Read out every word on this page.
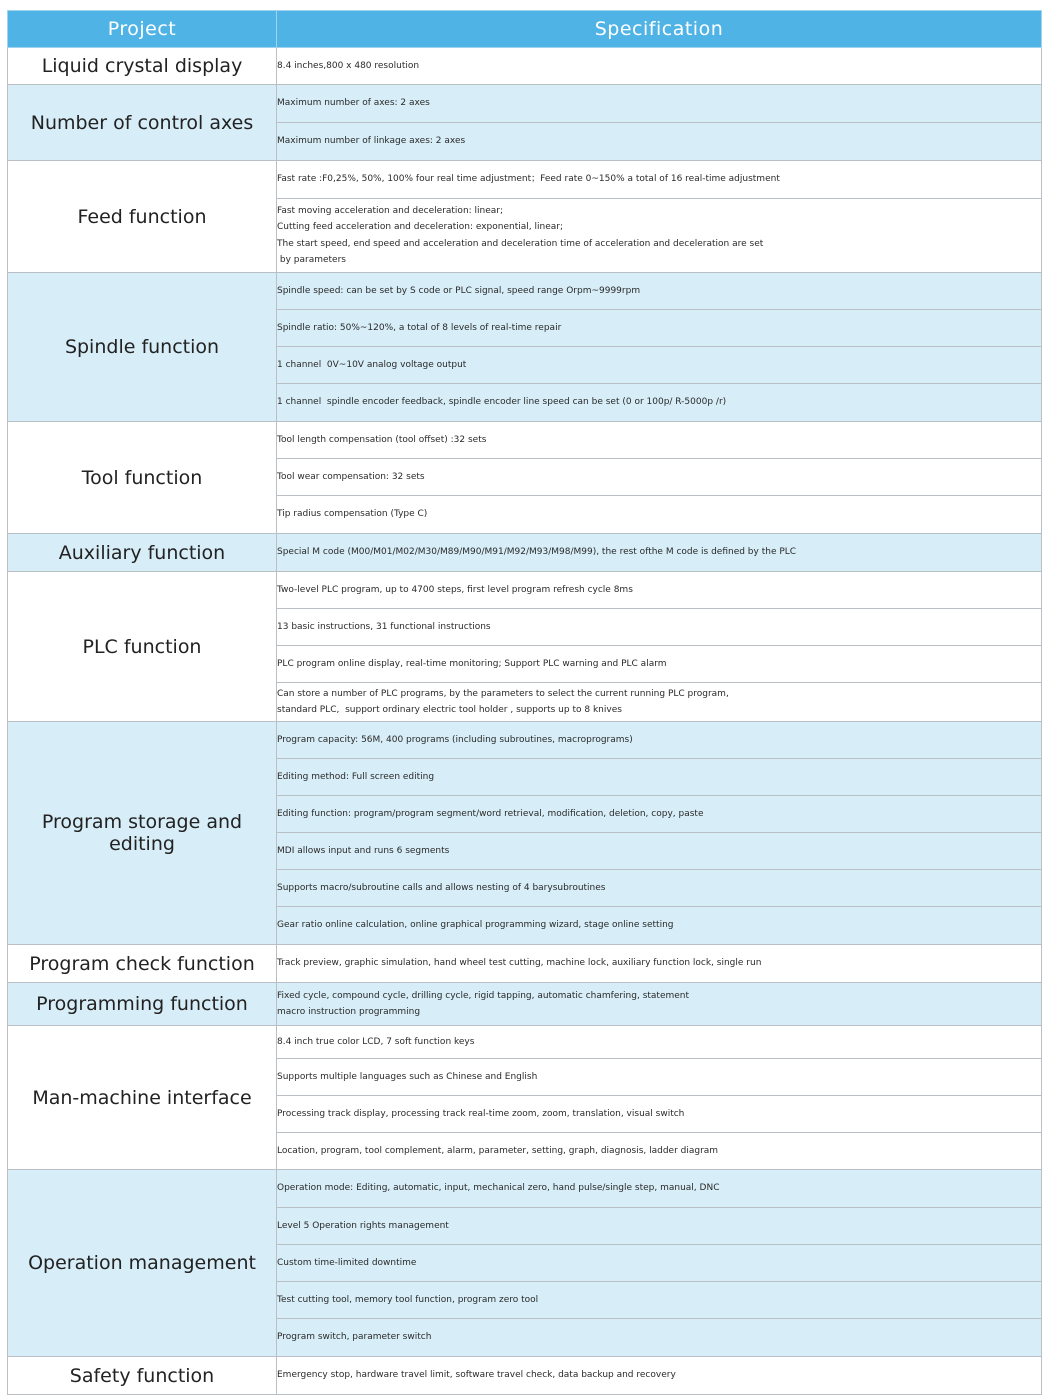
Project	Specification
Liquid crystal display	8.4 inches,800 x 480 resolution

Number of control axes	Maximum number of axes: 2 axes

	Maximum number of linkage axes: 2 axes

Feed function	Fast rate :F0,25%, 50%, 100% four real time adjustment；Feed rate 0~150% a total of 16 real-time adjustment

	Fast moving acceleration and deceleration: linear;
Cutting feed acceleration and deceleration: exponential, linear;
The start speed, end speed and acceleration and deceleration time of acceleration and deceleration are set
by parameters

Spindle function	Spindle speed: can be set by S code or PLC signal, speed range Orpm~9999rpm

	Spindle ratio: 50%~120%, a total of 8 levels of real-time repair

	1 channel  0V~10V analog voltage output

	1 channel  spindle encoder feedback, spindle encoder line speed can be set (0 or 100p/ R-5000p /r)

Tool function	Tool length compensation (tool offset) :32 sets

	Tool wear compensation: 32 sets

	Tip radius compensation (Type C)

Auxiliary function	Special M code (M00/M01/M02/M30/M89/M90/M91/M92/M93/M98/M99), the rest ofthe M code is defined by the PLC

PLC function	Two-level PLC program, up to 4700 steps, first level program refresh cycle 8ms

	13 basic instructions, 31 functional instructions

	PLC program online display, real-time monitoring; Support PLC warning and PLC alarm

	Can store a number of PLC programs, by the parameters to select the current running PLC program,
standard PLC,  support ordinary electric tool holder , supports up to 8 knives

Program storage and editing	Program capacity: 56M, 400 programs (including subroutines, macroprograms)

	Editing method: Full screen editing

	Editing function: program/program segment/word retrieval, modification, deletion, copy, paste

	MDI allows input and runs 6 segments

	Supports macro/subroutine calls and allows nesting of 4 barysubroutines

	Gear ratio online calculation, online graphical programming wizard, stage online setting

Program check function	Track preview, graphic simulation, hand wheel test cutting, machine lock, auxiliary function lock, single run

Programming function	Fixed cycle, compound cycle, drilling cycle, rigid tapping, automatic chamfering, statement
macro instruction programming

Man-machine interface	8.4 inch true color LCD, 7 soft function keys

	Supports multiple languages such as Chinese and English

	Processing track display, processing track real-time zoom, zoom, translation, visual switch

	Location, program, tool complement, alarm, parameter, setting, graph, diagnosis, ladder diagram

Operation management	Operation mode: Editing, automatic, input, mechanical zero, hand pulse/single step, manual, DNC

	Level 5 Operation rights management

	Custom time-limited downtime

	Test cutting tool, memory tool function, program zero tool

	Program switch, parameter switch

Safety function	Emergency stop, hardware travel limit, software travel check, data backup and recovery
